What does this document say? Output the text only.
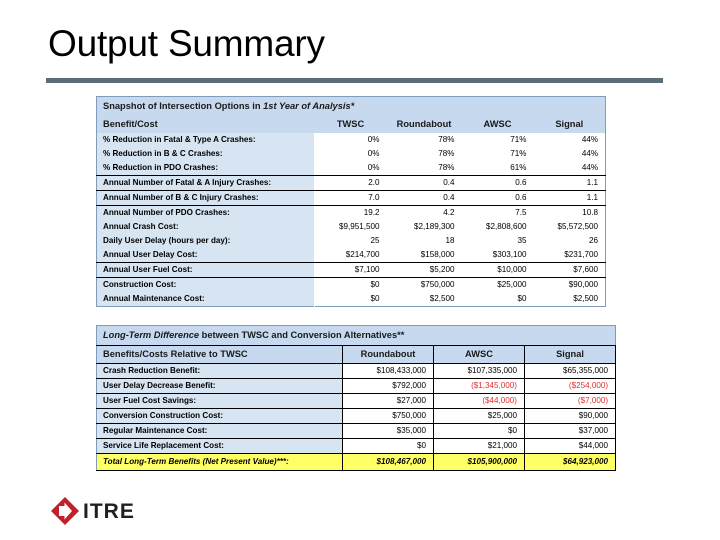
Output Summary
Snapshot of Intersection Options in 1st Year of Analysis*				
Benefit/Cost	TWSC	Roundabout	AWSC	Signal
% Reduction in Fatal & Type A Crashes:	0%	78%	71%	44%
% Reduction in B & C Crashes:	0%	78%	71%	44%
% Reduction in PDO Crashes:	0%	78%	61%	44%
Annual Number of Fatal & A Injury Crashes:	2.0	0.4	0.6	1.1
Annual Number of B & C Injury Crashes:	7.0	0.4	0.6	1.1
Annual Number of PDO Crashes:	19.2	4.2	7.5	10.8
Annual Crash Cost:	$9,951,500	$2,189,300	$2,808,600	$5,572,500
Daily User Delay (hours per day):	25	18	35	26
Annual User Delay Cost:	$214,700	$158,000	$303,100	$231,700
Annual User Fuel Cost:	$7,100	$5,200	$10,000	$7,600
Construction Cost:	$0	$750,000	$25,000	$90,000
Annual Maintenance Cost:	$0	$2,500	$0	$2,500
Long-Term Difference between TWSC and Conversion Alternatives**			
Benefits/Costs Relative to TWSC	Roundabout	AWSC	Signal
Crash Reduction Benefit:	$108,433,000	$107,335,000	$65,355,000
User Delay Decrease Benefit:	$792,000	($1,345,000)	($254,000)
User Fuel Cost Savings:	$27,000	($44,000)	($7,000)
Conversion Construction Cost:	$750,000	$25,000	$90,000
Regular Maintenance Cost:	$35,000	$0	$37,000
Service Life Replacement Cost:	$0	$21,000	$44,000
Total Long-Term Benefits (Net Present Value)***:	$108,467,000	$105,900,000	$64,923,000
ITRE
